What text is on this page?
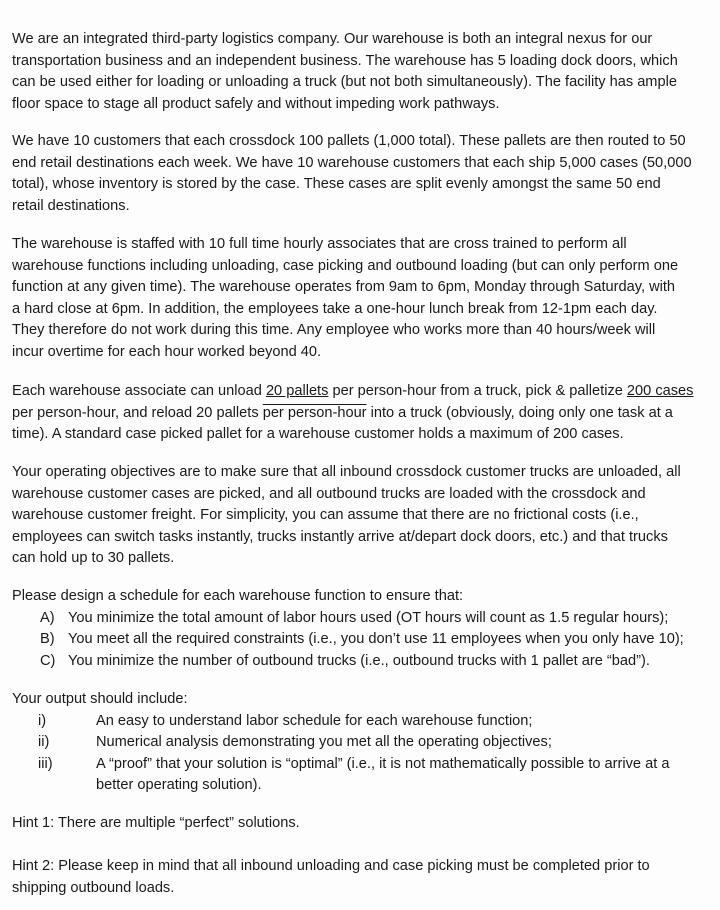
We are an integrated third-party logistics company. Our warehouse is both an integral nexus for our
transportation business and an independent business. The warehouse has 5 loading dock doors, which
can be used either for loading or unloading a truck (but not both simultaneously). The facility has ample
floor space to stage all product safely and without impeding work pathways.
We have 10 customers that each crossdock 100 pallets (1,000 total). These pallets are then routed to 50
end retail destinations each week. We have 10 warehouse customers that each ship 5,000 cases (50,000
total), whose inventory is stored by the case. These cases are split evenly amongst the same 50 end
retail destinations.
The warehouse is staffed with 10 full time hourly associates that are cross trained to perform all
warehouse functions including unloading, case picking and outbound loading (but can only perform one
function at any given time). The warehouse operates from 9am to 6pm, Monday through Saturday, with
a hard close at 6pm. In addition, the employees take a one-hour lunch break from 12-1pm each day.
They therefore do not work during this time. Any employee who works more than 40 hours/week will
incur overtime for each hour worked beyond 40.
Each warehouse associate can unload 20 pallets per person-hour from a truck, pick & palletize 200 cases
per person-hour, and reload 20 pallets per person-hour into a truck (obviously, doing only one task at a
time). A standard case picked pallet for a warehouse customer holds a maximum of 200 cases.
Your operating objectives are to make sure that all inbound crossdock customer trucks are unloaded, all
warehouse customer cases are picked, and all outbound trucks are loaded with the crossdock and
warehouse customer freight. For simplicity, you can assume that there are no frictional costs (i.e.,
employees can switch tasks instantly, trucks instantly arrive at/depart dock doors, etc.) and that trucks
can hold up to 30 pallets.
Please design a schedule for each warehouse function to ensure that:
A) You minimize the total amount of labor hours used (OT hours will count as 1.5 regular hours);
B) You meet all the required constraints (i.e., you don’t use 11 employees when you only have 10);
C) You minimize the number of outbound trucks (i.e., outbound trucks with 1 pallet are “bad”).
Your output should include:
i)	An easy to understand labor schedule for each warehouse function;
ii)	Numerical analysis demonstrating you met all the operating objectives;
iii)	A “proof” that your solution is “optimal” (i.e., it is not mathematically possible to arrive at a
better operating solution).
Hint 1: There are multiple “perfect” solutions.
Hint 2: Please keep in mind that all inbound unloading and case picking must be completed prior to
shipping outbound loads.
